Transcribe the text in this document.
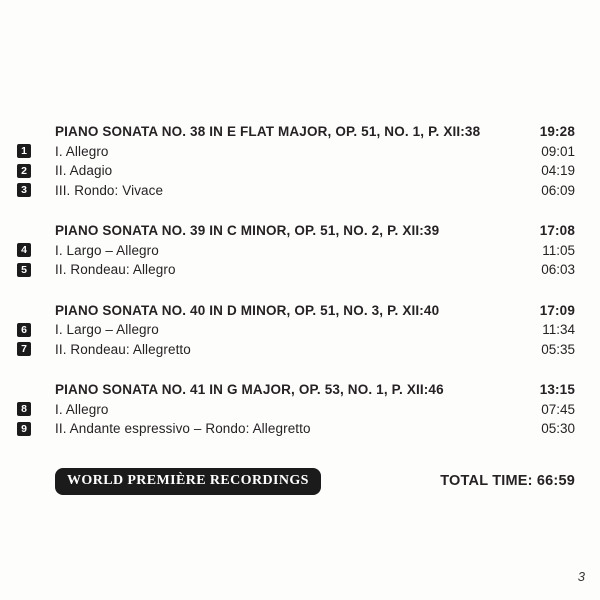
PIANO SONATA NO. 38 IN E FLAT MAJOR, OP. 51, NO. 1, P. XII:38	19:28
1	I. Allegro	09:01
2	II. Adagio	04:19
3	III. Rondo: Vivace	06:09
PIANO SONATA NO. 39 IN C MINOR, OP. 51, NO. 2, P. XII:39	17:08
4	I. Largo – Allegro	11:05
5	II. Rondeau: Allegro	06:03
PIANO SONATA NO. 40 IN D MINOR, OP. 51, NO. 3, P. XII:40	17:09
6	I. Largo – Allegro	11:34
7	II. Rondeau: Allegretto	05:35
PIANO SONATA NO. 41 IN G MAJOR, OP. 53, NO. 1, P. XII:46	13:15
8	I. Allegro	07:45
9	II. Andante espressivo – Rondo: Allegretto	05:30
WORLD PREMIÈRE RECORDINGS	TOTAL TIME: 66:59
3
